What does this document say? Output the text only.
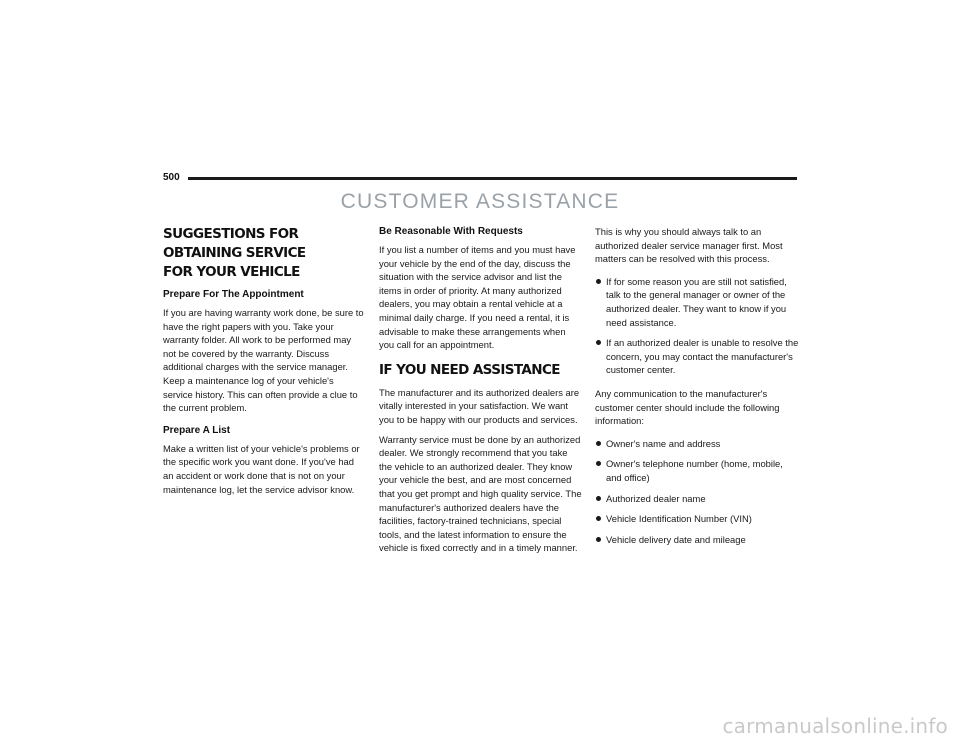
500
CUSTOMER ASSISTANCE
SUGGESTIONS FOR OBTAINING SERVICE
FOR YOUR VEHICLE
Prepare For The Appointment

If you are having warranty work done, be sure to have the right papers with you. Take your warranty folder. All work to be performed may not be covered by the warranty. Discuss additional charges with the service manager. Keep a maintenance log of your vehicle's service history. This can often provide a clue to the current problem.

Prepare A List

Make a written list of your vehicle's problems or the specific work you want done. If you've had an accident or work done that is not on your maintenance log, let the service advisor know.

Be Reasonable With Requests

If you list a number of items and you must have your vehicle by the end of the day, discuss the situation with the service advisor and list the items in order of priority. At many authorized dealers, you may obtain a rental vehicle at a minimal daily charge. If you need a rental, it is advisable to make these arrangements when you call for an appointment.

IF YOU NEED ASSISTANCE

The manufacturer and its authorized dealers are vitally interested in your satisfaction. We want you to be happy with our products and services.

Warranty service must be done by an authorized dealer. We strongly recommend that you take the vehicle to an authorized dealer. They know your vehicle the best, and are most concerned that you get prompt and high quality service. The manufacturer's authorized dealers have the facilities, factory-trained technicians, special tools, and the latest information to ensure the vehicle is fixed correctly and in a timely manner.

This is why you should always talk to an authorized dealer service manager first. Most matters can be resolved with this process.

If for some reason you are still not satisfied, talk to the general manager or owner of the authorized dealer. They want to know if you need assistance.
If an authorized dealer is unable to resolve the concern, you may contact the manufacturer's customer center.

Any communication to the manufacturer's customer center should include the following information:

Owner's name and address
Owner's telephone number (home, mobile, and office)
Authorized dealer name
Vehicle Identification Number (VIN)
Vehicle delivery date and mileage
carmanualsonline.info
